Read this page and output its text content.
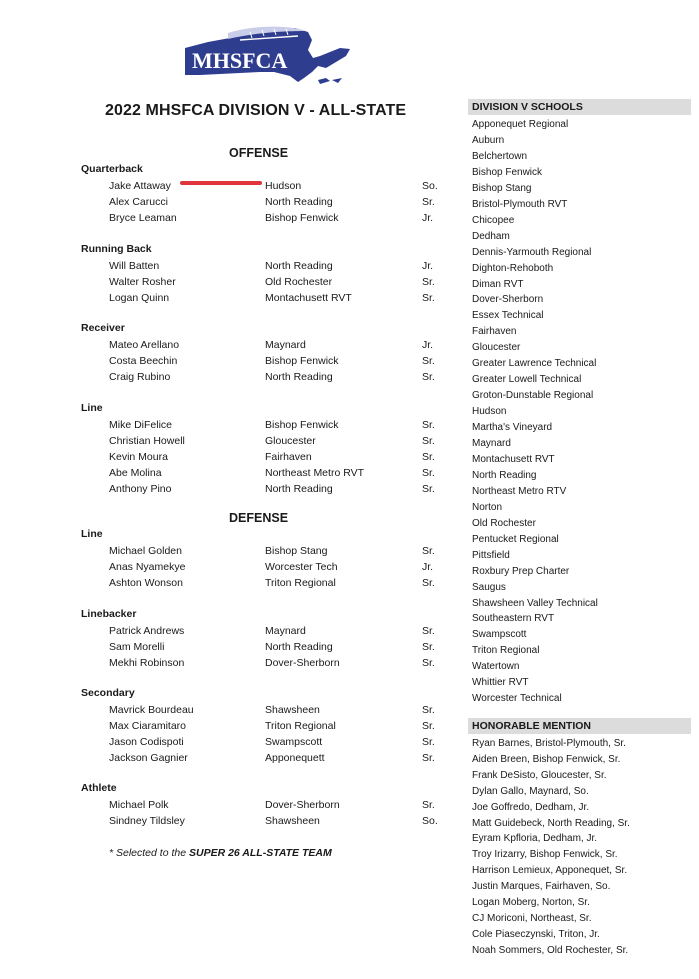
MHSFCA
2022 MHSFCA DIVISION V - ALL-STATE
OFFENSE
DEFENSE
Quarterback
Jake Attaway	Hudson	So.
Alex Carucci	North Reading	Sr.
Bryce Leaman	Bishop Fenwick	Jr.
Running Back
Will Batten	North Reading	Jr.
Walter Rosher	Old Rochester	Sr.
Logan Quinn	Montachusett RVT	Sr.
Receiver
Mateo Arellano	Maynard	Jr.
Costa Beechin	Bishop Fenwick	Sr.
Craig Rubino	North Reading	Sr.
Line
Mike DiFelice	Bishop Fenwick	Sr.
Christian Howell	Gloucester	Sr.
Kevin Moura	Fairhaven	Sr.
Abe Molina	Northeast Metro RVT	Sr.
Anthony Pino	North Reading	Sr.
Line
Michael Golden	Bishop Stang	Sr.
Anas Nyamekye	Worcester Tech	Jr.
Ashton Wonson	Triton Regional	Sr.
Linebacker
Patrick Andrews	Maynard	Sr.
Sam Morelli	North Reading	Sr.
Mekhi Robinson	Dover-Sherborn	Sr.
Secondary
Mavrick Bourdeau	Shawsheen	Sr.
Max Ciaramitaro	Triton Regional	Sr.
Jason Codispoti	Swampscott	Sr.
Jackson Gagnier	Apponequett	Sr.
Athlete
Michael Polk	Dover-Sherborn	Sr.
Sindney Tildsley	Shawsheen	So.

* Selected to the SUPER 26 ALL-STATE TEAM

DIVISION V SCHOOLS

Apponequet Regional

Auburn

Belchertown

Bishop Fenwick

Bishop Stang

Bristol-Plymouth RVT

Chicopee

Dedham

Dennis-Yarmouth Regional

Dighton-Rehoboth

Diman RVT

Dover-Sherborn

Essex Technical

Fairhaven

Gloucester

Greater Lawrence Technical

Greater Lowell Technical

Groton-Dunstable Regional

Hudson

Martha's Vineyard

Maynard

Montachusett RVT

North Reading

Northeast Metro RTV

Norton

Old Rochester

Pentucket Regional

Pittsfield

Roxbury Prep Charter

Saugus

Shawsheen Valley Technical

Southeastern RVT

Swampscott

Triton Regional

Watertown

Whittier RVT

Worcester Technical

HONORABLE MENTION

Ryan Barnes, Bristol-Plymouth, Sr.

Aiden Breen, Bishop Fenwick, Sr.

Frank DeSisto, Gloucester, Sr.

Dylan Gallo, Maynard, So.

Joe Goffredo, Dedham, Jr.

Matt Guidebeck, North Reading, Sr.

Eyram Kpfloria, Dedham, Jr.

Troy Irizarry, Bishop Fenwick, Sr.

Harrison Lemieux, Apponequet, Sr.

Justin Marques, Fairhaven, So.

Logan Moberg, Norton, Sr.

CJ Moriconi, Northeast, Sr.

Cole Piaseczynski, Triton, Jr.

Noah Sommers, Old Rochester, Sr.
